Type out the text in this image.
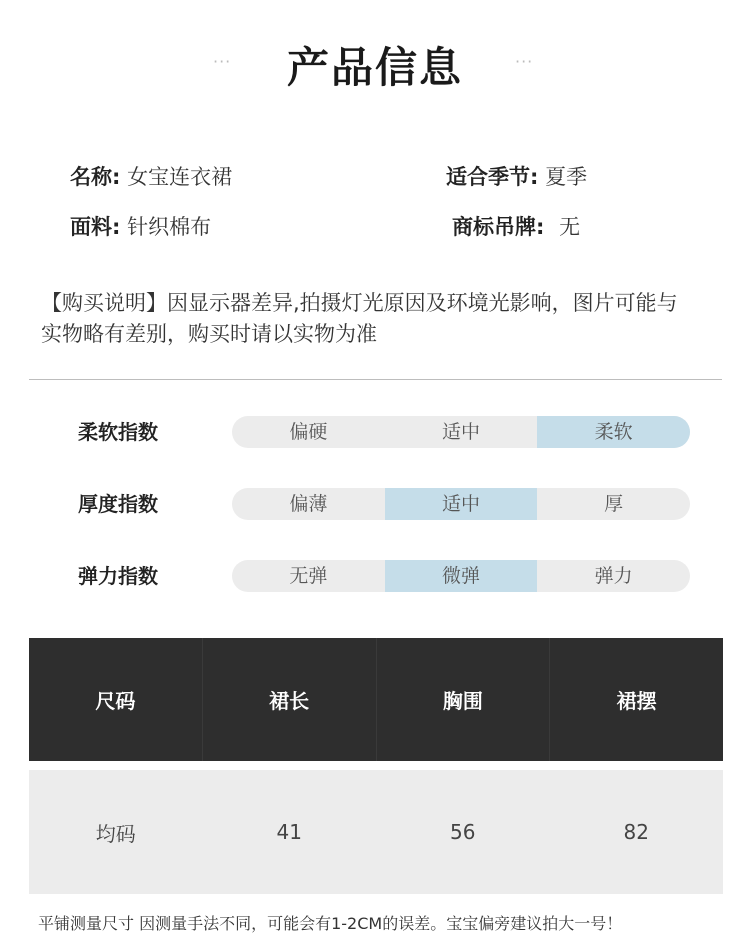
···	产品信息	···
名称: 女宝连衣裙	适合季节: 夏季
面料: 针织棉布	商标吊牌: 无
【购买说明】因显示器差异,拍摄灯光原因及环境光影响，图片可能与
实物略有差别，购买时请以实物为准
柔软指数	偏硬	适中	柔软
厚度指数	偏薄	适中	厚
弹力指数	无弹	微弹	弹力
尺码	裙长	胸围	裙摆
均码	41	56	82
平铺测量尺寸 因测量手法不同，可能会有1-2CM的误差。宝宝偏旁建议拍大一号！
